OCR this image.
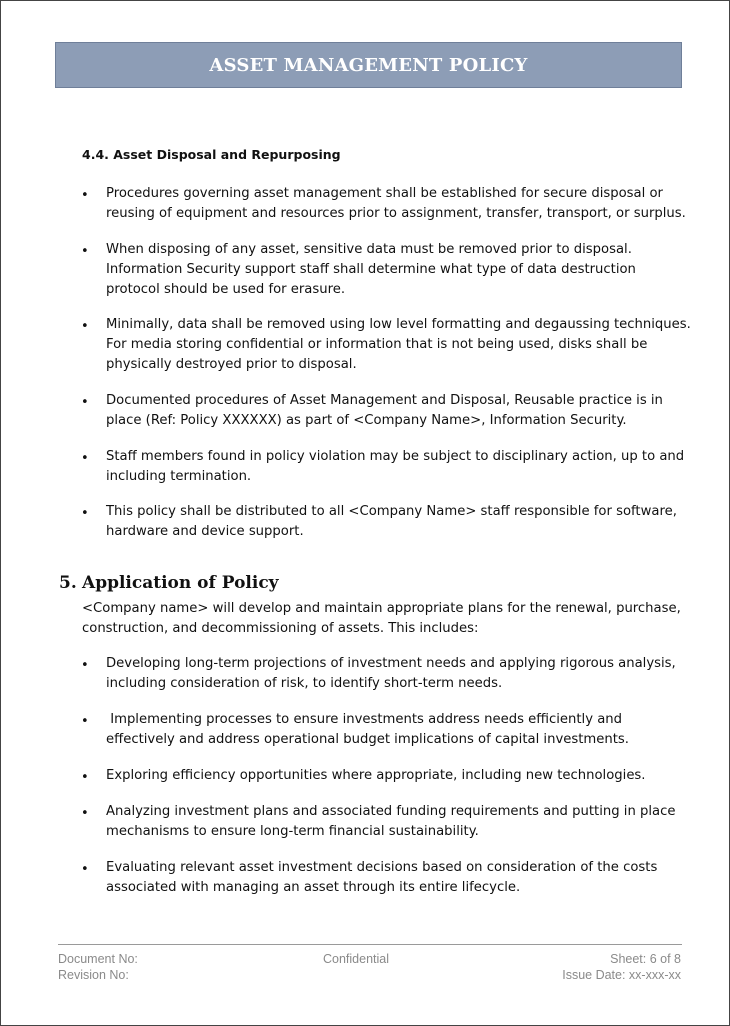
ASSET MANAGEMENT POLICY
4.4. Asset Disposal and Repurposing
• Procedures governing asset management shall be established for secure disposal or reusing of equipment and resources prior to assignment, transfer, transport, or surplus.

• When disposing of any asset, sensitive data must be removed prior to disposal. Information Security support staff shall determine what type of data destruction protocol should be used for erasure.

• Minimally, data shall be removed using low level formatting and degaussing techniques. For media storing confidential or information that is not being used, disks shall be physically destroyed prior to disposal.

• Documented procedures of Asset Management and Disposal, Reusable practice is in place (Ref: Policy XXXXXX) as part of <Company Name>, Information Security.

• Staff members found in policy violation may be subject to disciplinary action, up to and including termination.

• This policy shall be distributed to all <Company Name> staff responsible for software, hardware and device support.

5. Application of Policy

<Company name> will develop and maintain appropriate plans for the renewal, purchase, construction, and decommissioning of assets. This includes:

• Developing long-term projections of investment needs and applying rigorous analysis, including consideration of risk, to identify short-term needs.

• Implementing processes to ensure investments address needs efficiently and effectively and address operational budget implications of capital investments.

• Exploring efficiency opportunities where appropriate, including new technologies.

• Analyzing investment plans and associated funding requirements and putting in place mechanisms to ensure long-term financial sustainability.

• Evaluating relevant asset investment decisions based on consideration of the costs associated with managing an asset through its entire lifecycle.

Document No:
Revision No:
Confidential	Sheet: 6 of 8
Issue Date: xx-xxx-xx
